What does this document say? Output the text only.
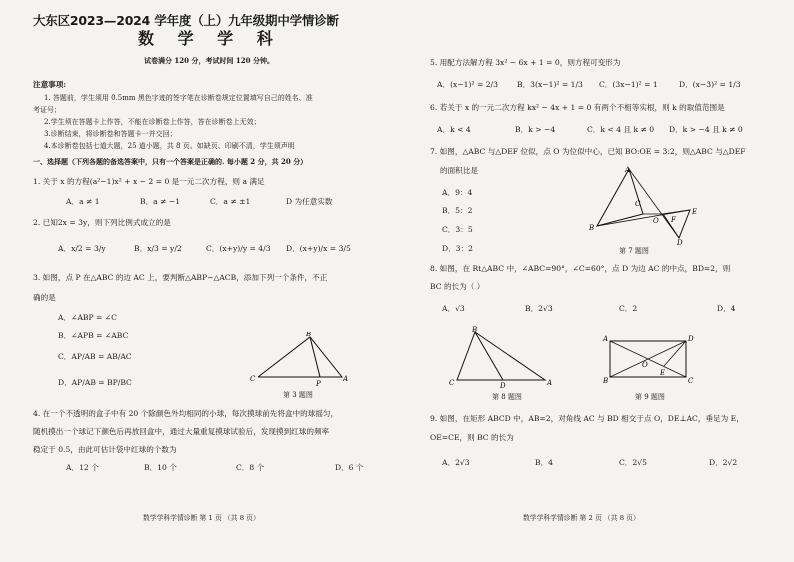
大东区2023—2024 学年度（上）九年级期中学情诊断
数 学 学 科
试卷满分 120 分，考试时间 120 分钟。
注意事项:
1. 答题前，学生须用 0.5mm 黑色字迹的签字笔在诊断卷规定位置填写自己的姓名、准
考证号；
2.学生须在答题卡上作答，不能在诊断卷上作答，答在诊断卷上无效；
3.诊断结束，将诊断卷和答题卡一并交回；
4.本诊断卷包括七道大题，25 道小题，共 8 页。如缺页、印刷不清，学生须声明
一、选择题（下列各题的备选答案中，只有一个答案是正确的. 每小题 2 分，共 20 分）
1. 关于 x 的方程(a²−1)x² + x − 2 = 0 是一元二次方程，则 a 满足
A．a ≠ 1	B．a ≠ −1	C．a ≠ ±1	D 为任意实数
2. 已知2x = 3y，则下列比例式成立的是
A．x/2 = 3/y	B．x/3 = y/2	C．(x+y)/y = 4/3 D．(x+y)/x = 3/5
3. 如图，点 P 在△ABC 的边 AC 上，要判断△ABP∽△ACB，添加下列一个条件，不正
确的是
A．∠ABP = ∠C
B．∠APB = ∠ABC
C．AP/AB = AB/AC
D．AP/AB = BP/BC
B
C
P
A
第 3 题图
4. 在一个不透明的盒子中有 20 个除颜色外均相同的小球，每次摸球前先将盒中的球摇匀，
随机摸出一个球记下颜色后再放回盒中，通过大量重复摸球试验后，发现摸到红球的频率
稳定于 0.5，由此可估计袋中红球的个数为
A．12 个	B．10 个	C．8 个	D．6 个
数学学科学情诊断 第 1 页 （共 8 页）
5. 用配方法解方程 3x² − 6x + 1 = 0，则方程可变形为
A．(x−1)² = 2/3	B．3(x−1)² = 1/3 C．(3x−1)² = 1	D．(x−3)² = 1/3
6. 若关于 x 的一元二次方程 kx² − 4x + 1 = 0 有两个不相等实根，则 k 的取值范围是
A．k < 4	B．k > −4	C．k < 4 且 k ≠ 0 D．k > −4 且 k ≠ 0
7. 如图，△ABC 与△DEF 位似，点 O 为位似中心，已知 BO:OE = 3:2，则△ABC 与△DEF
的面积比是
A．9：4
B．5：2
C．3：5
D．3：2
A
B
C
O F
E
D
第 7 题图
8. 如图，在 Rt△ABC 中，∠ABC=90°，∠C=60°，点 D 为边 AC 的中点，BD=2，则
BC 的长为（ ）
A．√3	B．2√3	C．2	D．4
B
D
C	A
第 8 题图
A	D
O
E
B	C
第 9 题图
9. 如图，在矩形 ABCD 中，AB=2，对角线 AC 与 BD 相交于点 O，DE⊥AC，垂足为 E，
OE=CE，则 BC 的长为
A．2√3	B．4	C．2√5	D．2√2
数学学科学情诊断 第 2 页 （共 8 页）
